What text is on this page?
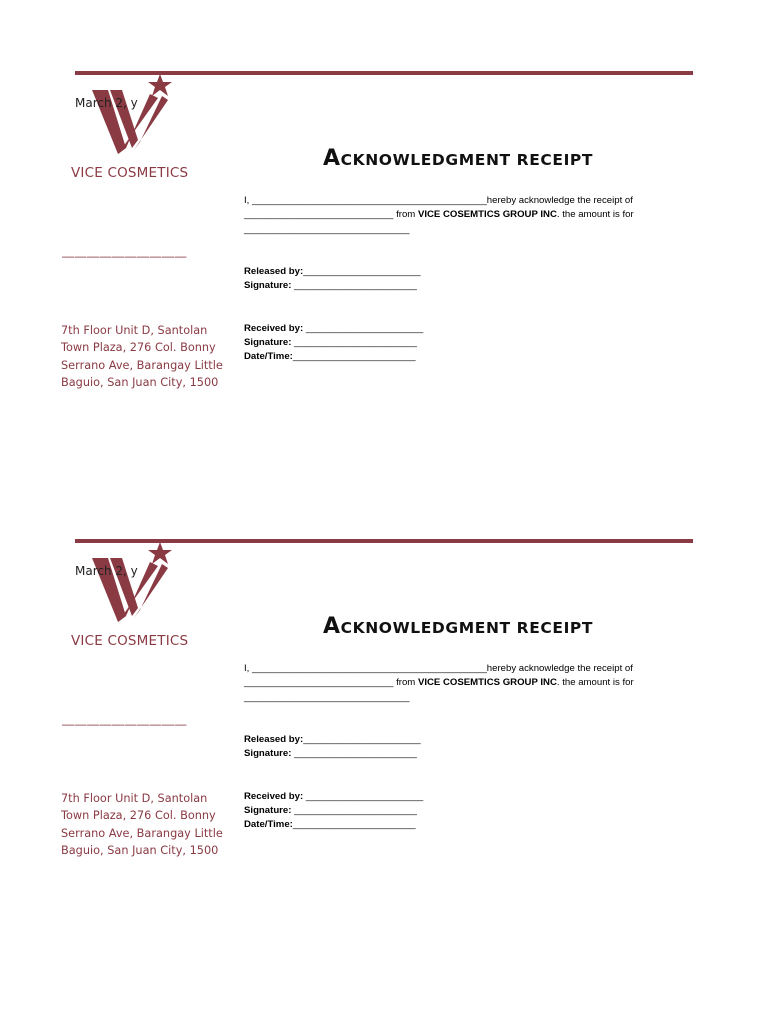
March 2, y
VICE COSMETICS
——————————
7th Floor Unit D, Santolan
Town Plaza, 276 Col. Bonny
Serrano Ave, Barangay Little
Baguio, San Juan City, 1500
ACKNOWLEDGMENT RECEIPT
I, ____________________________________________hereby acknowledge the receipt of
____________________________ from VICE COSEMTICS GROUP INC. the amount is for
_______________________________
Released by:______________________
Signature: _______________________
Received by: ______________________
Signature: _______________________
Date/Time:_______________________
March 2, y
VICE COSMETICS
——————————
7th Floor Unit D, Santolan
Town Plaza, 276 Col. Bonny
Serrano Ave, Barangay Little
Baguio, San Juan City, 1500
ACKNOWLEDGMENT RECEIPT
I, ____________________________________________hereby acknowledge the receipt of
____________________________ from VICE COSEMTICS GROUP INC. the amount is for
_______________________________
Released by:______________________
Signature: _______________________
Received by: ______________________
Signature: _______________________
Date/Time:_______________________
